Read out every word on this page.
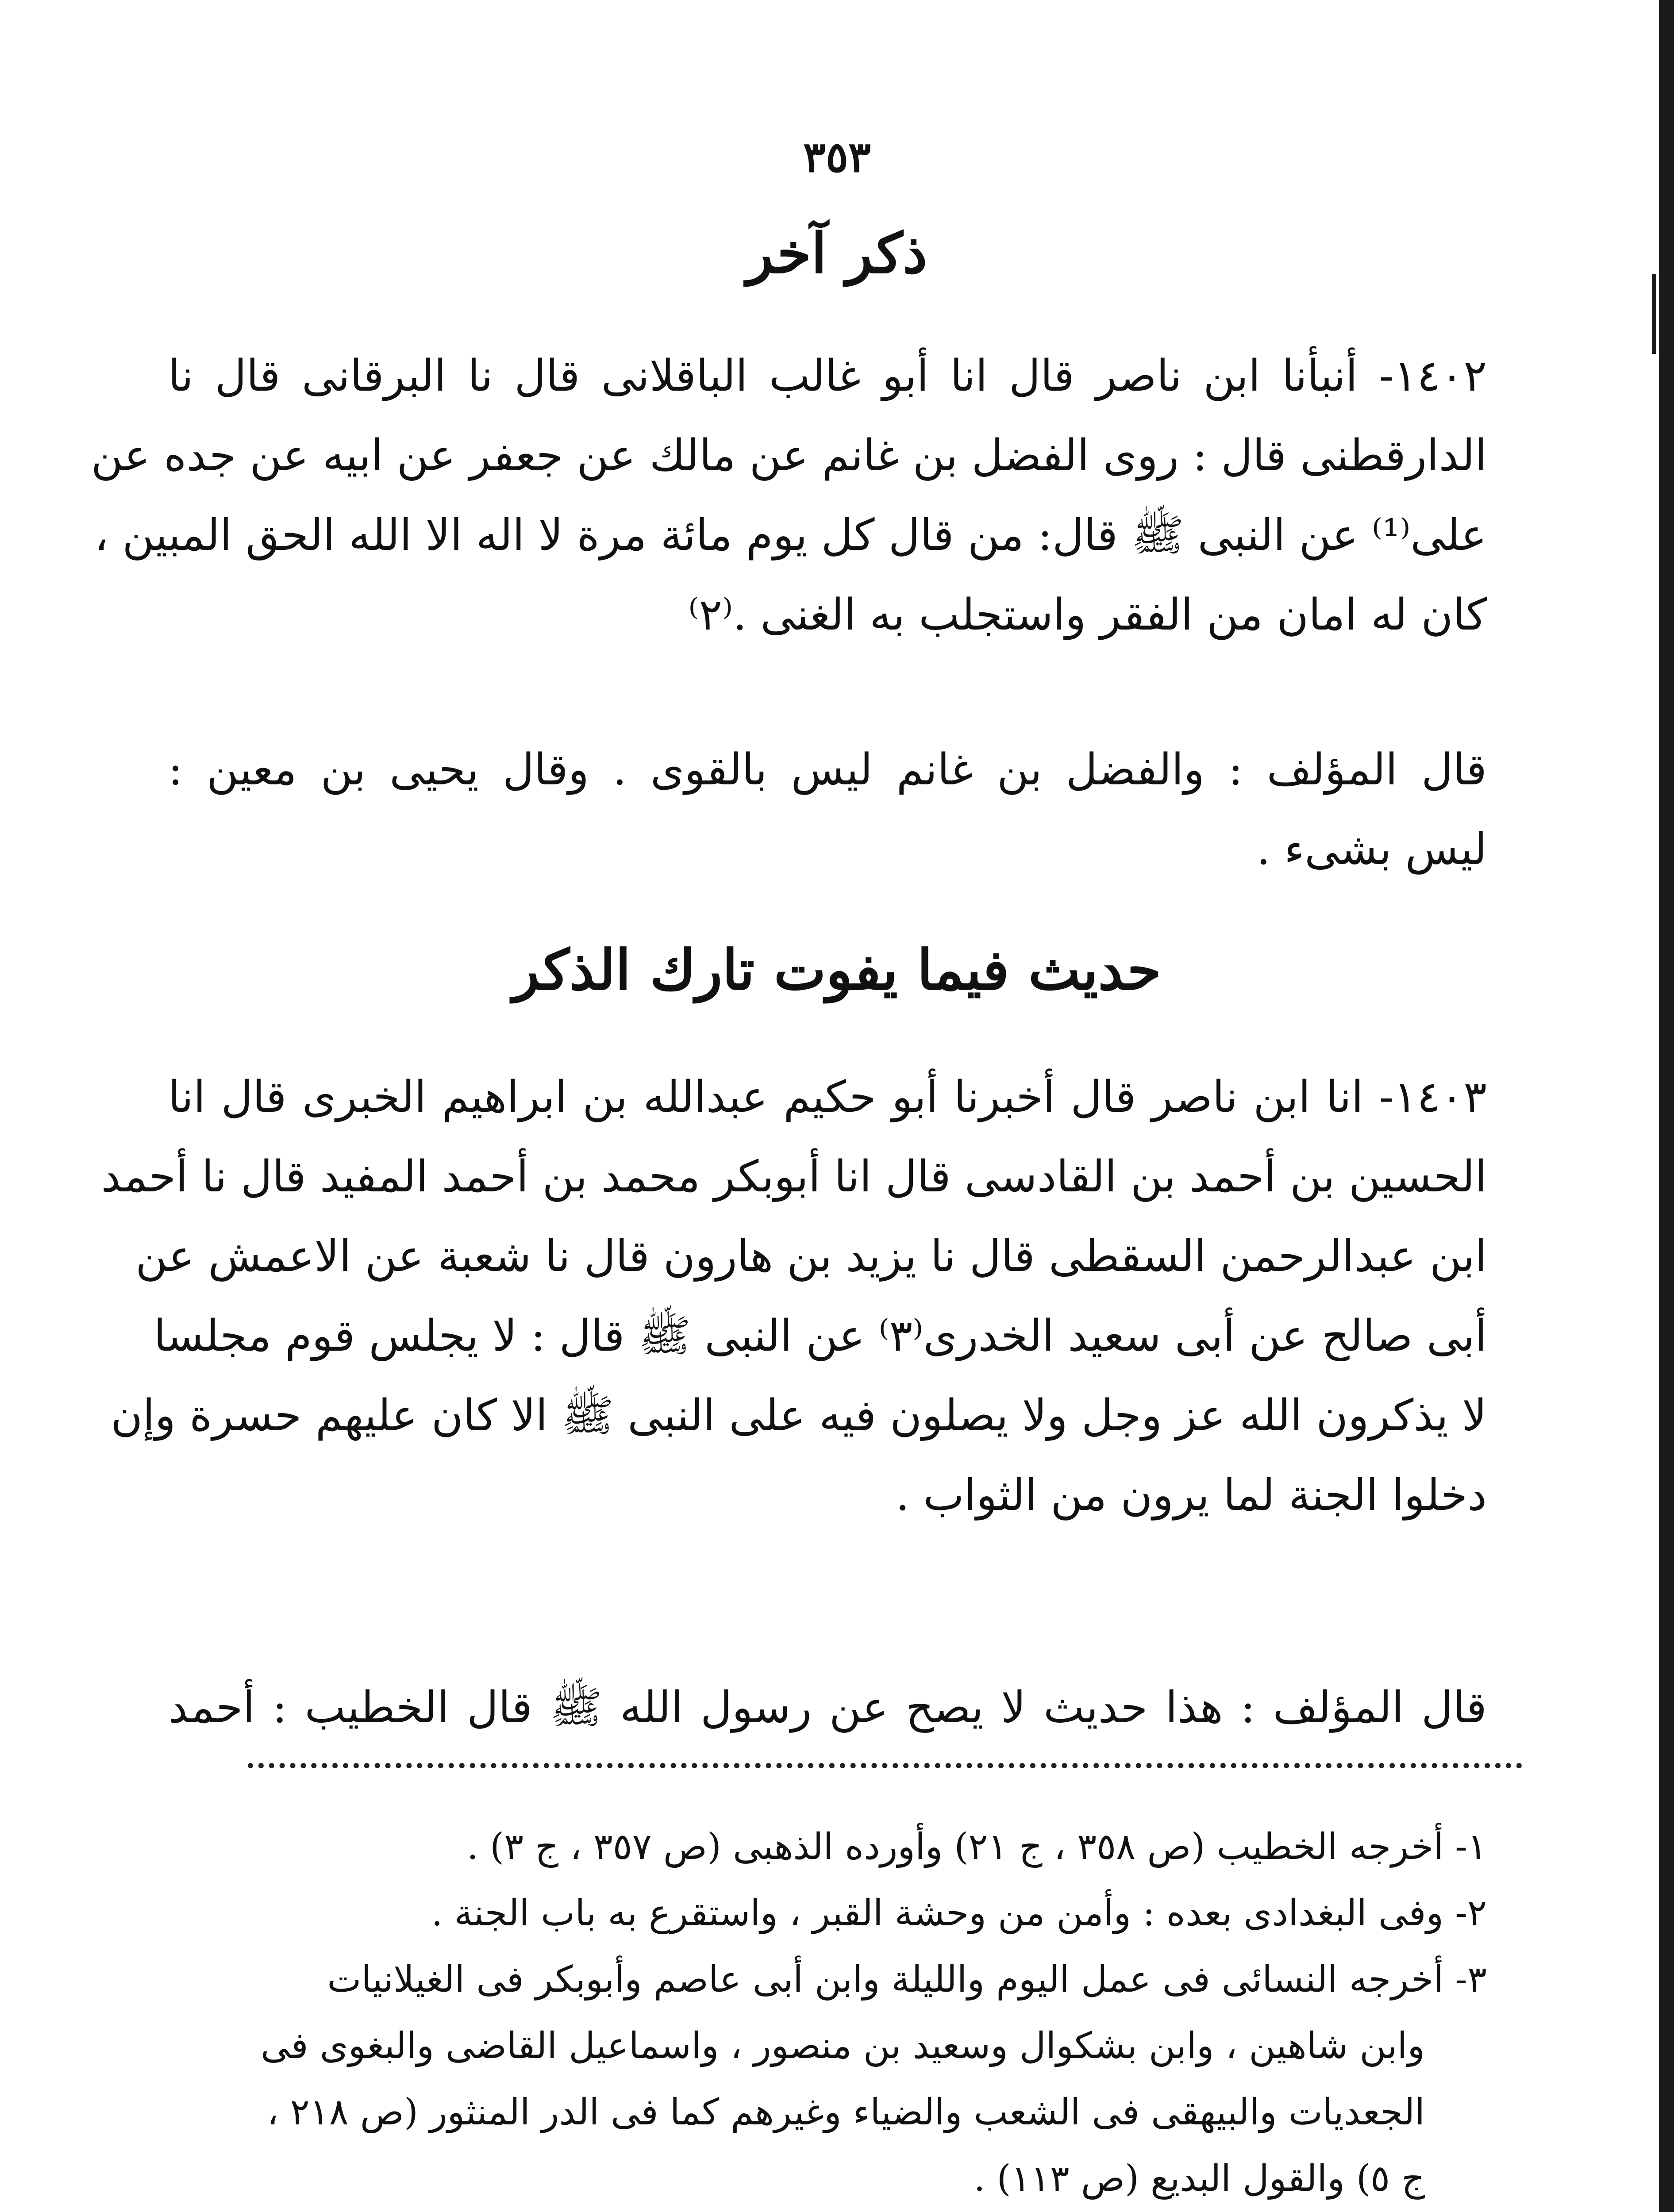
٣٥٣
ذكر آخر
١٤٠٢- أنبأنا ابن ناصر قال انا أبو غالب الباقلانى قال نا البرقانى قال نا
الدارقطنى قال : روى الفضل بن غانم عن مالك عن جعفر عن ابيه عن جده عن
على⁽¹⁾ عن النبى ﷺ قال: من قال كل يوم مائة مرة لا اله الا الله الحق المبين ،
كان له امان من الفقر واستجلب به الغنى .⁽٢⁾
قال المؤلف : والفضل بن غانم ليس بالقوى . وقال يحيى بن معين :
ليس بشىء .
حديث فيما يفوت تارك الذكر
١٤٠٣- انا ابن ناصر قال أخبرنا أبو حكيم عبدالله بن ابراهيم الخبرى قال انا
الحسين بن أحمد بن القادسى قال انا أبوبكر محمد بن أحمد المفيد قال نا أحمد
ابن عبدالرحمن السقطى قال نا يزيد بن هارون قال نا شعبة عن الاعمش عن
أبى صالح عن أبى سعيد الخدرى⁽٣⁾ عن النبى ﷺ قال : لا يجلس قوم مجلسا
لا يذكرون الله عز وجل ولا يصلون فيه على النبى ﷺ الا كان عليهم حسرة وإن
دخلوا الجنة لما يرون من الثواب .
قال المؤلف : هذا حديث لا يصح عن رسول الله ﷺ قال الخطيب : أحمد
١- أخرجه الخطيب (ص ٣٥٨ ، ج ٢١) وأورده الذهبى (ص ٣٥٧ ، ج ٣) .
٢- وفى البغدادى بعده : وأمن من وحشة القبر ، واستقرع به باب الجنة .
٣- أخرجه النسائى فى عمل اليوم والليلة وابن أبى عاصم وأبوبكر فى الغيلانيات
وابن شاهين ، وابن بشكوال وسعيد بن منصور ، واسماعيل القاضى والبغوى فى
الجعديات والبيهقى فى الشعب والضياء وغيرهم كما فى الدر المنثور (ص ٢١٨ ،
ج ٥) والقول البديع (ص ١١٣) .
